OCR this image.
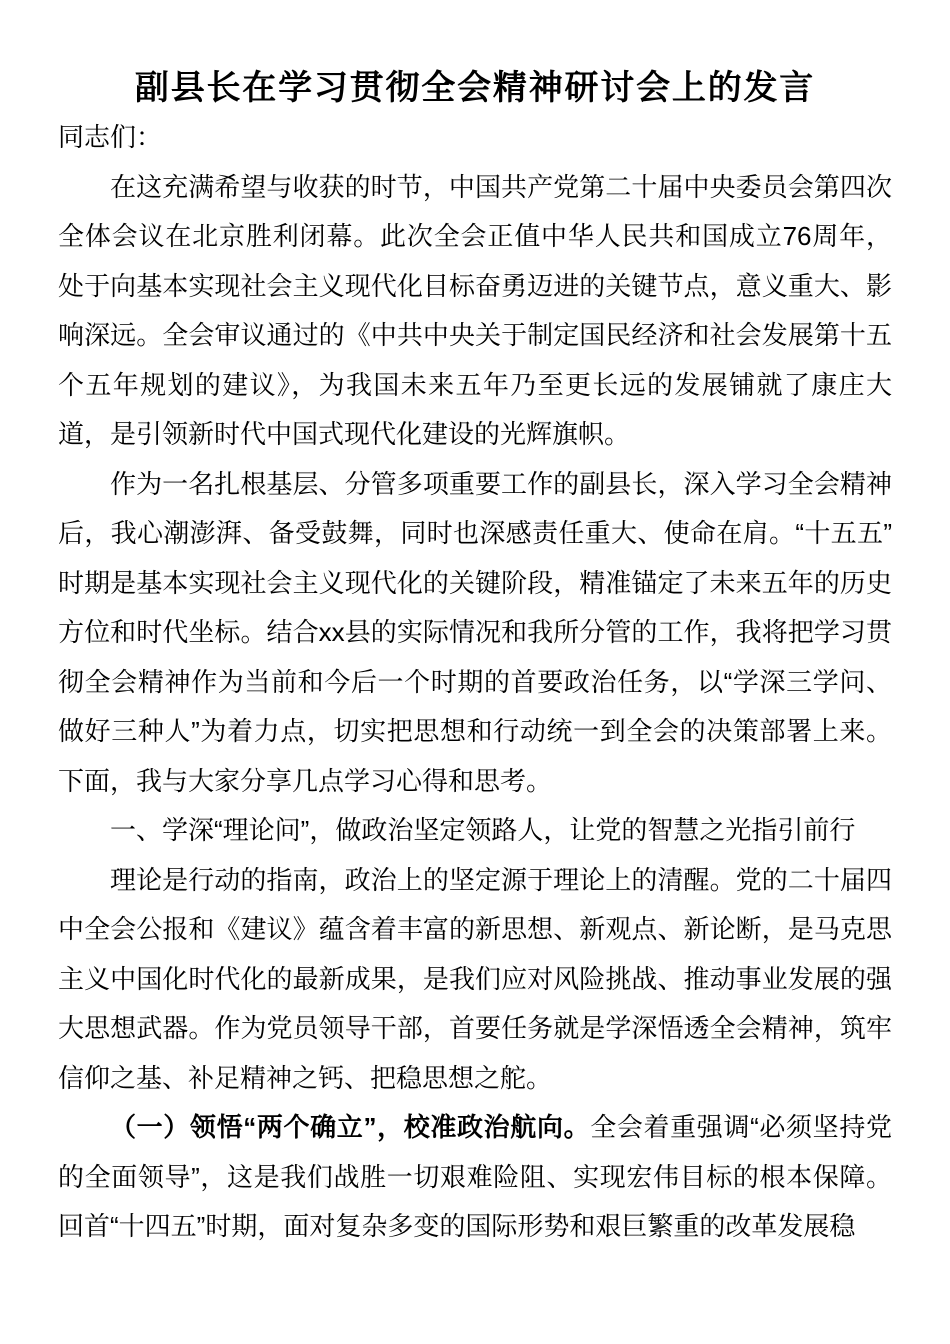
副县长在学习贯彻全会精神研讨会上的发言

同志们：

在这充满希望与收获的时节，中国共产党第二十届中央委员会第四次全体会议在北京胜利闭幕。此次全会正值中华人民共和国成立76周年，处于向基本实现社会主义现代化目标奋勇迈进的关键节点，意义重大、影响深远。全会审议通过的《中共中央关于制定国民经济和社会发展第十五个五年规划的建议》，为我国未来五年乃至更长远的发展铺就了康庄大道，是引领新时代中国式现代化建设的光辉旗帜。

作为一名扎根基层、分管多项重要工作的副县长，深入学习全会精神后，我心潮澎湃、备受鼓舞，同时也深感责任重大、使命在肩。“十五五”时期是基本实现社会主义现代化的关键阶段，精准锚定了未来五年的历史方位和时代坐标。结合xx县的实际情况和我所分管的工作，我将把学习贯彻全会精神作为当前和今后一个时期的首要政治任务，以“学深三学问、做好三种人”为着力点，切实把思想和行动统一到全会的决策部署上来。下面，我与大家分享几点学习心得和思考。

一、学深“理论问”，做政治坚定领路人，让党的智慧之光指引前行

理论是行动的指南，政治上的坚定源于理论上的清醒。党的二十届四中全会公报和《建议》蕴含着丰富的新思想、新观点、新论断，是马克思主义中国化时代化的最新成果，是我们应对风险挑战、推动事业发展的强大思想武器。作为党员领导干部，首要任务就是学深悟透全会精神，筑牢信仰之基、补足精神之钙、把稳思想之舵。

（一）领悟“两个确立”，校准政治航向。全会着重强调“必须坚持党的全面领导”，这是我们战胜一切艰难险阻、实现宏伟目标的根本保障。回首“十四五”时期，面对复杂多变的国际形势和艰巨繁重的改革发展稳
